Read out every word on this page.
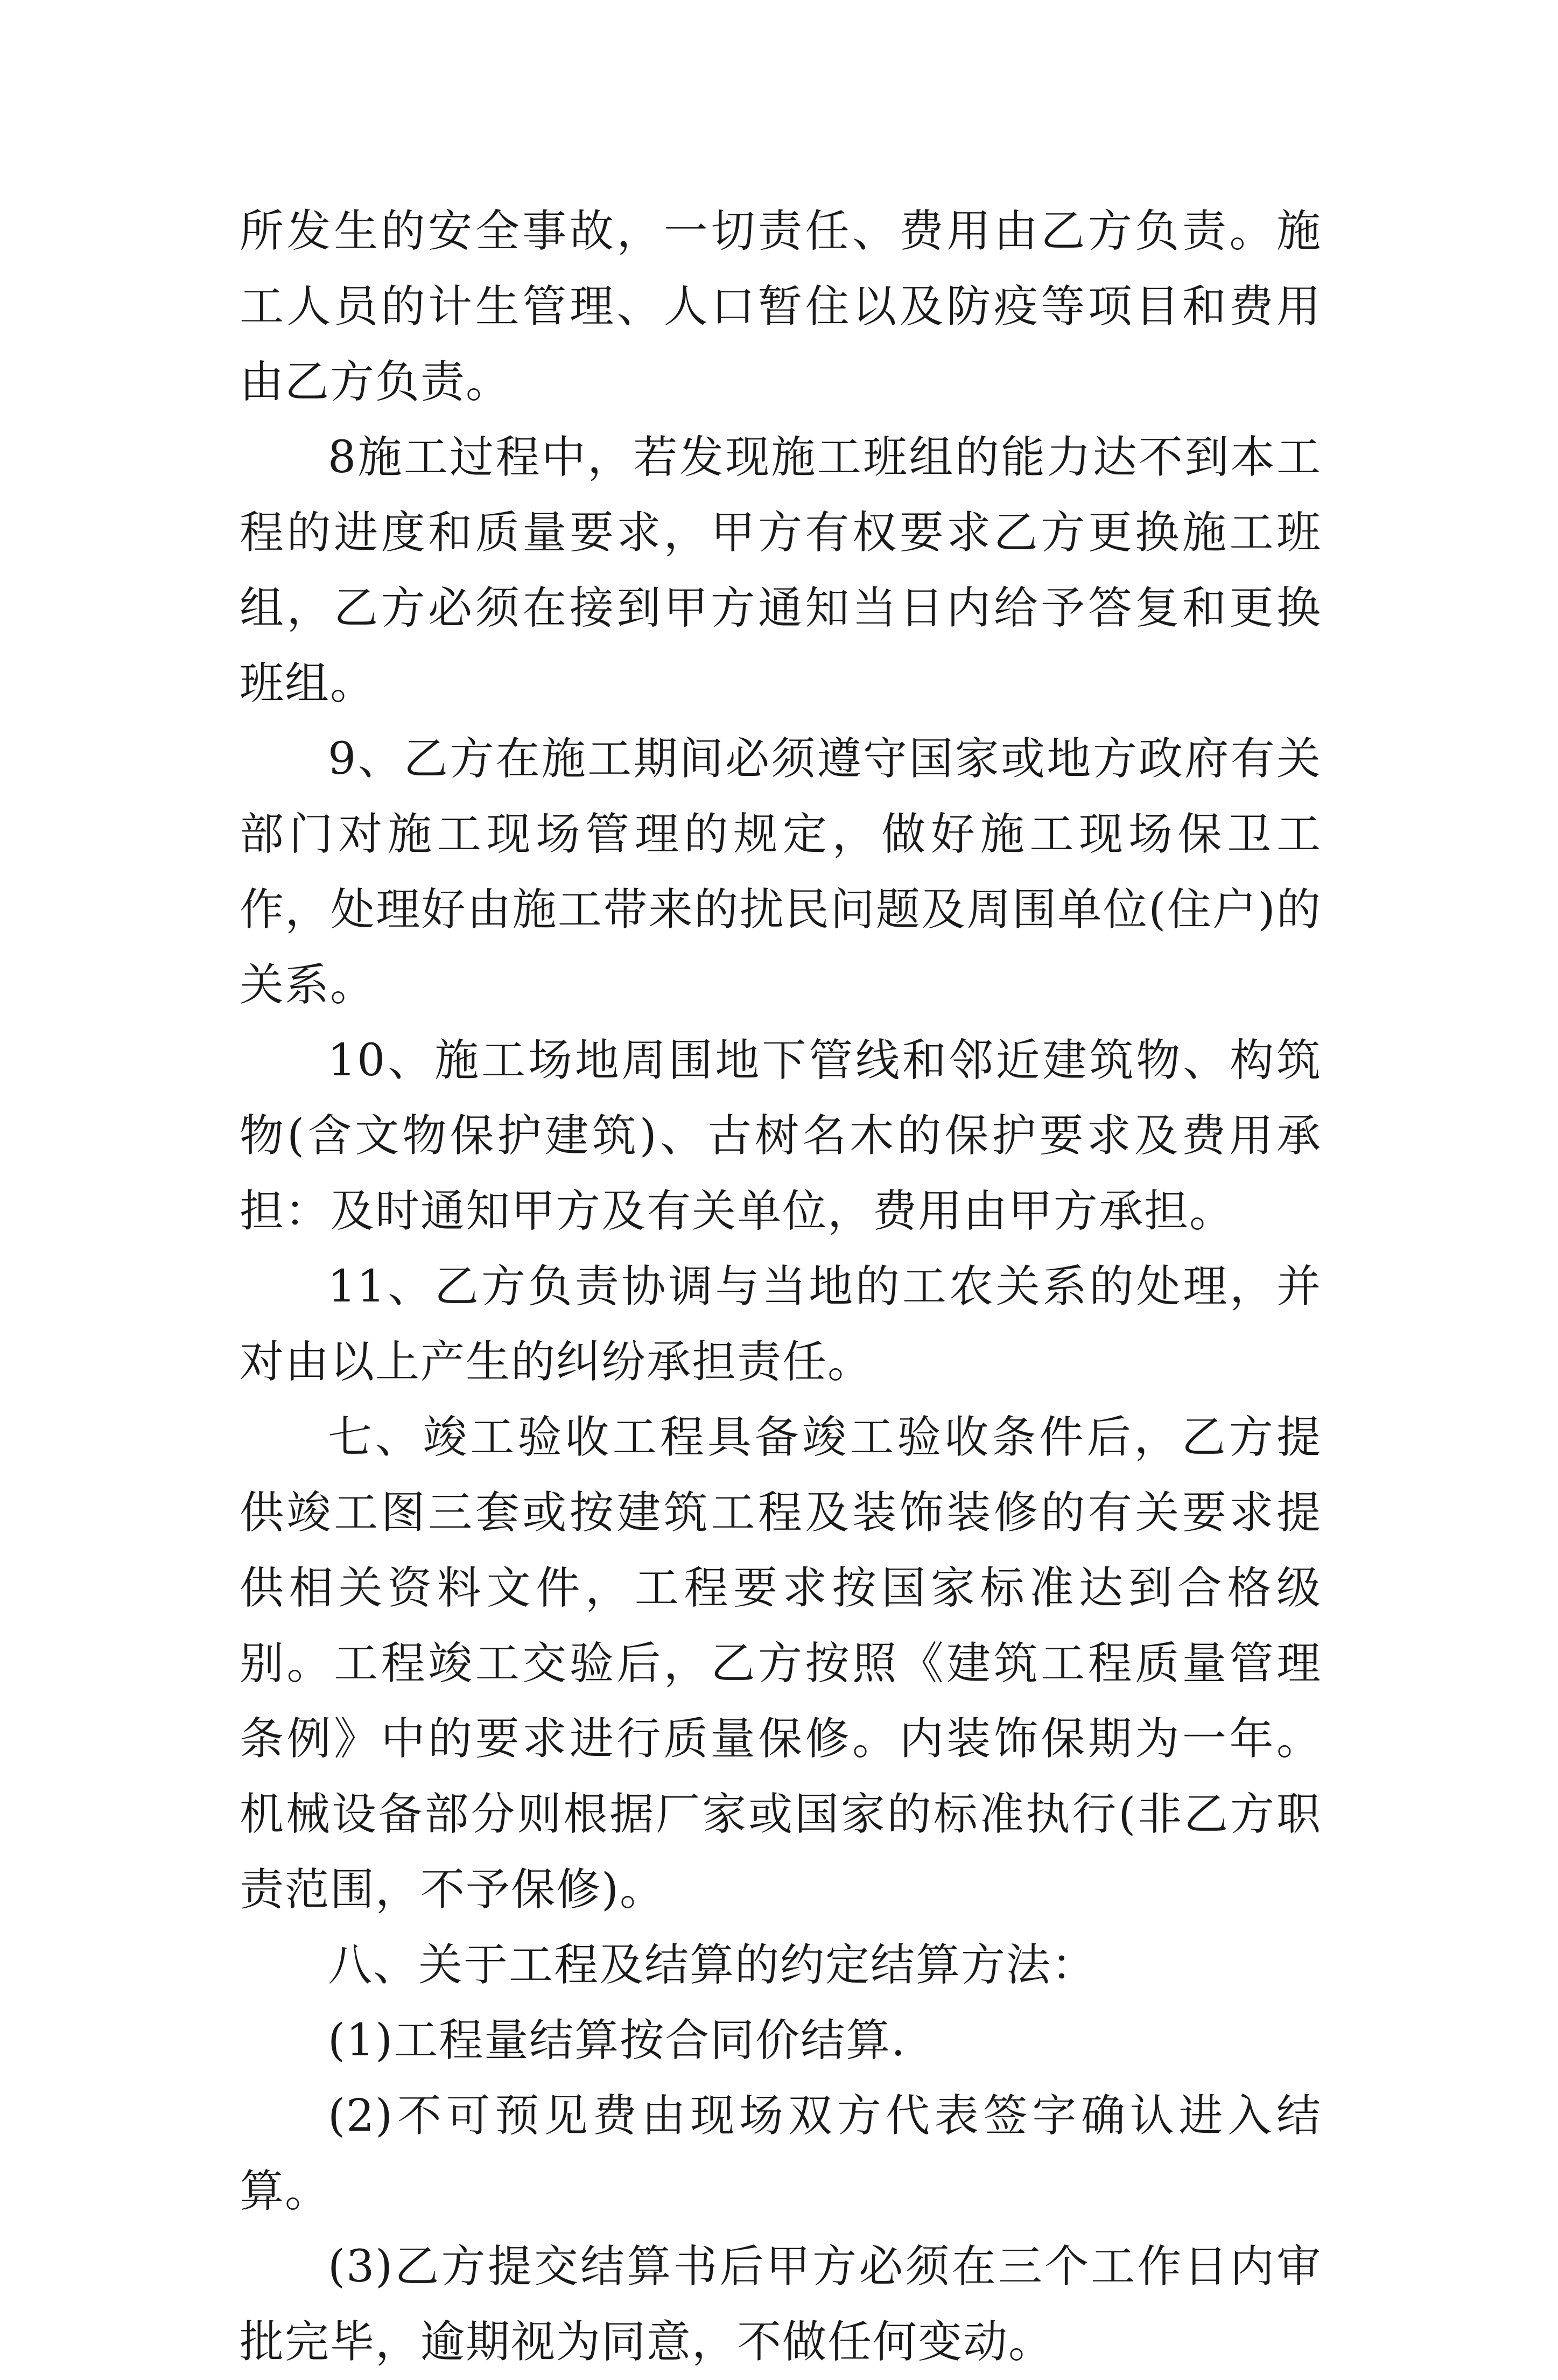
所发生的安全事故，一切责任、费用由乙方负责。施工人员的计生管理、人口暂住以及防疫等项目和费用由乙方负责。

8施工过程中，若发现施工班组的能力达不到本工程的进度和质量要求，甲方有权要求乙方更换施工班组，乙方必须在接到甲方通知当日内给予答复和更换班组。

9、乙方在施工期间必须遵守国家或地方政府有关部门对施工现场管理的规定，做好施工现场保卫工作，处理好由施工带来的扰民问题及周围单位(住户)的关系。

10、施工场地周围地下管线和邻近建筑物、构筑物(含文物保护建筑)、古树名木的保护要求及费用承担：及时通知甲方及有关单位，费用由甲方承担。

11、乙方负责协调与当地的工农关系的处理，并对由以上产生的纠纷承担责任。

七、竣工验收工程具备竣工验收条件后，乙方提供竣工图三套或按建筑工程及装饰装修的有关要求提供相关资料文件，工程要求按国家标准达到合格级别。工程竣工交验后，乙方按照《建筑工程质量管理条例》中的要求进行质量保修。内装饰保期为一年。机械设备部分则根据厂家或国家的标准执行(非乙方职责范围，不予保修)。

八、关于工程及结算的约定结算方法：

(1)工程量结算按合同价结算.

(2)不可预见费由现场双方代表签字确认进入结算。

(3)乙方提交结算书后甲方必须在三个工作日内审批完毕，逾期视为同意，不做任何变动。
